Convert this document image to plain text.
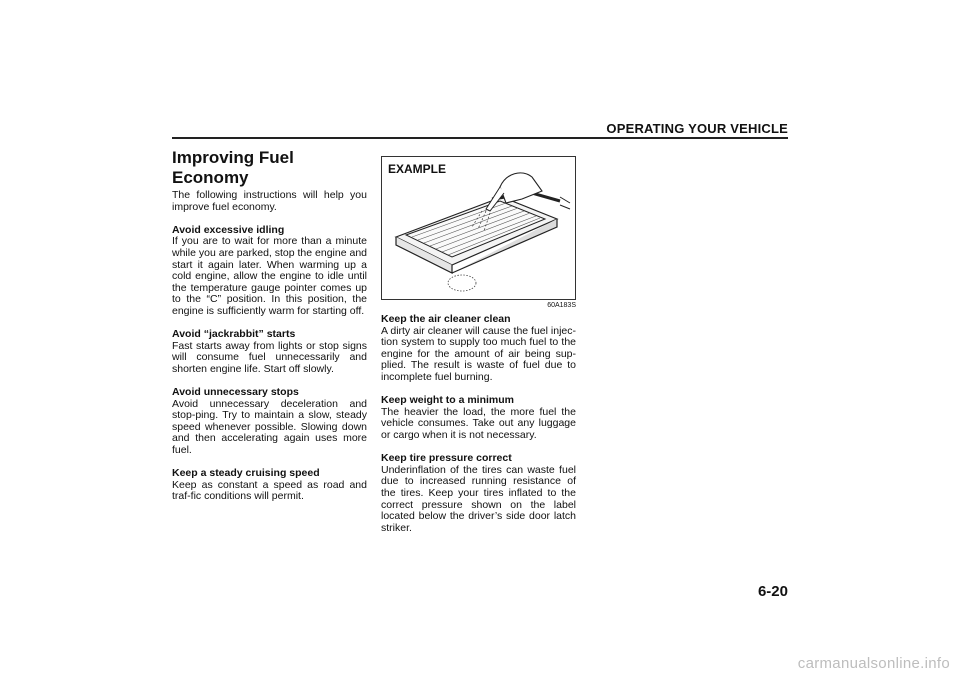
OPERATING YOUR VEHICLE
Improving Fuel Economy

The following instructions will help you improve fuel economy.

Avoid excessive idling
If you are to wait for more than a minute while you are parked, stop the engine and start it again later. When warming up a cold engine, allow the engine to idle until the temperature gauge pointer comes up to the “C” position. In this position, the engine is sufficiently warm for starting off.

Avoid “jackrabbit” starts
Fast starts away from lights or stop signs will consume fuel unnecessarily and shorten engine life. Start off slowly.

Avoid unnecessary stops
Avoid unnecessary deceleration and stop-ping. Try to maintain a slow, steady speed whenever possible. Slowing down and then accelerating again uses more fuel.

Keep a steady cruising speed
Keep as constant a speed as road and traf-fic conditions will permit.

EXAMPLE
60A183S

Keep the air cleaner clean
A dirty air cleaner will cause the fuel injec-tion system to supply too much fuel to the engine for the amount of air being sup-plied. The result is waste of fuel due to incomplete fuel burning.

Keep weight to a minimum
The heavier the load, the more fuel the vehicle consumes. Take out any luggage or cargo when it is not necessary.

Keep tire pressure correct
Underinflation of the tires can waste fuel due to increased running resistance of the tires. Keep your tires inflated to the correct pressure shown on the label located below the driver’s side door latch striker.

6-20
carmanualsonline.info
